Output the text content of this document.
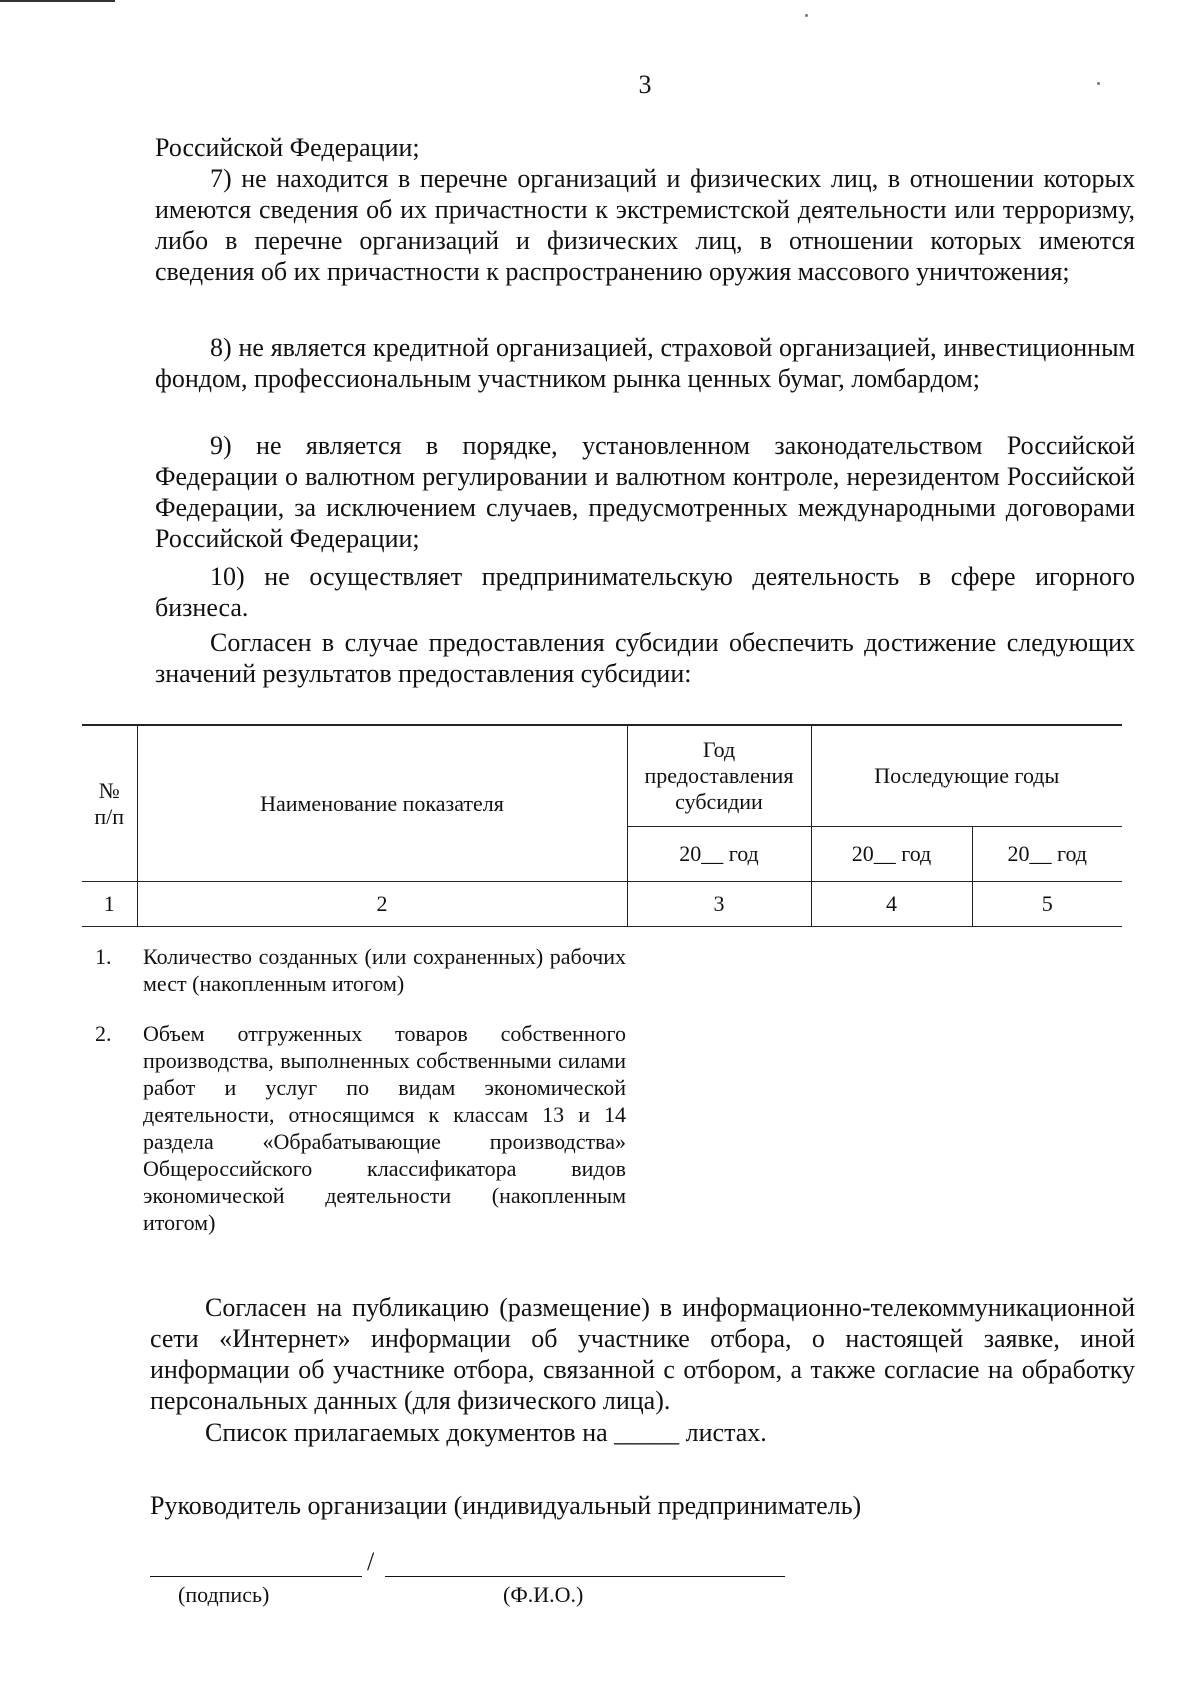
3

Российской Федерации;

7) не находится в перечне организаций и физических лиц, в отношении которых имеются сведения об их причастности к экстремистской деятельности или терроризму, либо в перечне организаций и физических лиц, в отношении которых имеются сведения об их причастности к распространению оружия массового уничтожения;

8) не является кредитной организацией, страховой организацией, инвестиционным фондом, профессиональным участником рынка ценных бумаг, ломбардом;

9) не является в порядке, установленном законодательством Российской Федерации о валютном регулировании и валютном контроле, нерезидентом Российской Федерации, за исключением случаев, предусмотренных международными договорами Российской Федерации;

10) не осуществляет предпринимательскую деятельность в сфере игорного бизнеса.

Согласен в случае предоставления субсидии обеспечить достижение следующих значений результатов предоставления субсидии:

№ п/п	Наименование показателя	Год предоставления субсидии	Последующие годы	
		20__ год	20__ год	20__ год
1	2	3	4	5
1.	Количество созданных (или сохраненных) рабочих мест (накопленным итогом)
2.	Объем отгруженных товаров собственного производства, выполненных собственными силами работ и услуг по видам экономической деятельности, относящимся к классам 13 и 14 раздела «Обрабатывающие производства» Общероссийского классификатора видов экономической деятельности (накопленным итогом)

Согласен на публикацию (размещение) в информационно-телекоммуникационной сети «Интернет» информации об участнике отбора, о настоящей заявке, иной информации об участнике отбора, связанной с отбором, а также согласие на обработку персональных данных (для физического лица).

Список прилагаемых документов на _____ листах.

Руководитель организации (индивидуальный предприниматель)
/
(подпись)	(Ф.И.О.)
